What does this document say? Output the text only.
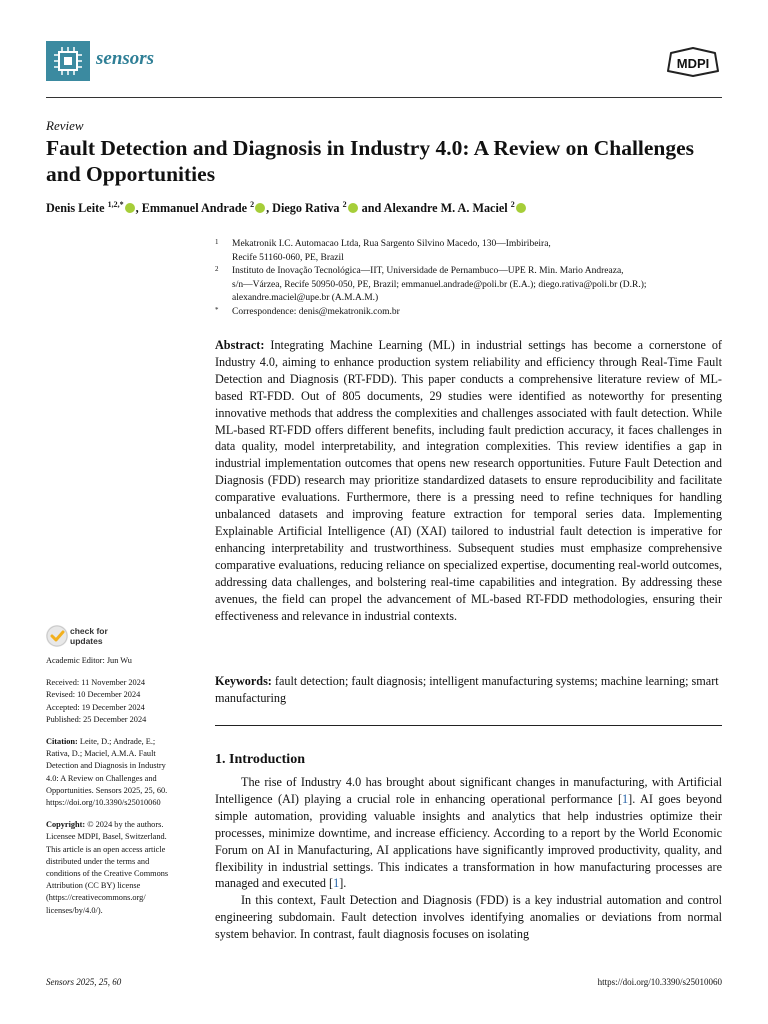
sensors	MDPI
Review
Fault Detection and Diagnosis in Industry 4.0: A Review on Challenges and Opportunities
Denis Leite $^{1,2,*}$ , Emmanuel Andrade $^2$ , Diego Rativa $^2$ and Alexandre M. A. Maciel $^2$
1 Mekatronik I.C. Automacao Ltda, Rua Sargento Silvino Macedo, 130—Imbiribeira,
Recife 51160-060, PE, Brazil
2 Instituto de Inovação Tecnológica—IIT, Universidade de Pernambuco—UPE R. Min. Mario Andreaza,
s/n—Várzea, Recife 50950-050, PE, Brazil; emmanuel.andrade@poli.br (E.A.); diego.rativa@poli.br (D.R.);
alexandre.maciel@upe.br (A.M.A.M.)
* Correspondence: denis@mekatronik.com.br

Abstract: Integrating Machine Learning (ML) in industrial settings has become a cornerstone of Industry 4.0, aiming to enhance production system reliability and efficiency through Real-Time Fault Detection and Diagnosis (RT-FDD). This paper conducts a comprehensive literature review of ML-based RT-FDD. Out of 805 documents, 29 studies were identified as noteworthy for presenting innovative methods that address the complexities and challenges associated with fault detection. While ML-based RT-FDD offers different benefits, including fault prediction accuracy, it faces challenges in data quality, model interpretability, and integration complexities. This review identifies a gap in industrial implementation outcomes that opens new research opportunities. Future Fault Detection and Diagnosis (FDD) research may prioritize standardized datasets to ensure reproducibility and facilitate comparative evaluations. Furthermore, there is a pressing need to refine techniques for handling unbalanced datasets and improving feature extraction for temporal series data. Implementing Explainable Artificial Intelligence (AI) (XAI) tailored to industrial fault detection is imperative for enhancing interpretability and trustworthiness. Subsequent studies must emphasize comprehensive comparative evaluations, reducing reliance on specialized expertise, documenting real-world outcomes, addressing data challenges, and bolstering real-time capabilities and integration. By addressing these avenues, the field can propel the advancement of ML-based RT-FDD methodologies, ensuring their effectiveness and relevance in industrial contexts.

Keywords: fault detection; fault diagnosis; intelligent manufacturing systems; machine learning; smart manufacturing

1. Introduction

The rise of Industry 4.0 has brought about significant changes in manufacturing, with Artificial Intelligence (AI) playing a crucial role in enhancing operational performance [1]. AI goes beyond simple automation, providing valuable insights and analytics that help industries optimize their processes, minimize downtime, and increase efficiency. According to a report by the World Economic Forum on AI in Manufacturing, AI applications have significantly improved productivity, quality, and flexibility in industrial settings. This indicates a transformation in how manufacturing processes are managed and executed [1].

In this context, Fault Detection and Diagnosis (FDD) is a key industrial automation and control engineering subdomain. Fault detection involves identifying anomalies or deviations from normal system behavior. In contrast, fault diagnosis focuses on isolating

check for
updates
Academic Editor: Jun Wu
Received: 11 November 2024
Revised: 10 December 2024
Accepted: 19 December 2024
Published: 25 December 2024
Citation: Leite, D.; Andrade, E.;
Rativa, D.; Maciel, A.M.A. Fault
Detection and Diagnosis in Industry
4.0: A Review on Challenges and
Opportunities. Sensors 2025, 25, 60.
https://doi.org/10.3390/s25010060
Copyright: © 2024 by the authors.
Licensee MDPI, Basel, Switzerland.
This article is an open access article
distributed under the terms and
conditions of the Creative Commons
Attribution (CC BY) license
(https://creativecommons.org/
licenses/by/4.0/).
Sensors 2025, 25, 60	https://doi.org/10.3390/s25010060
